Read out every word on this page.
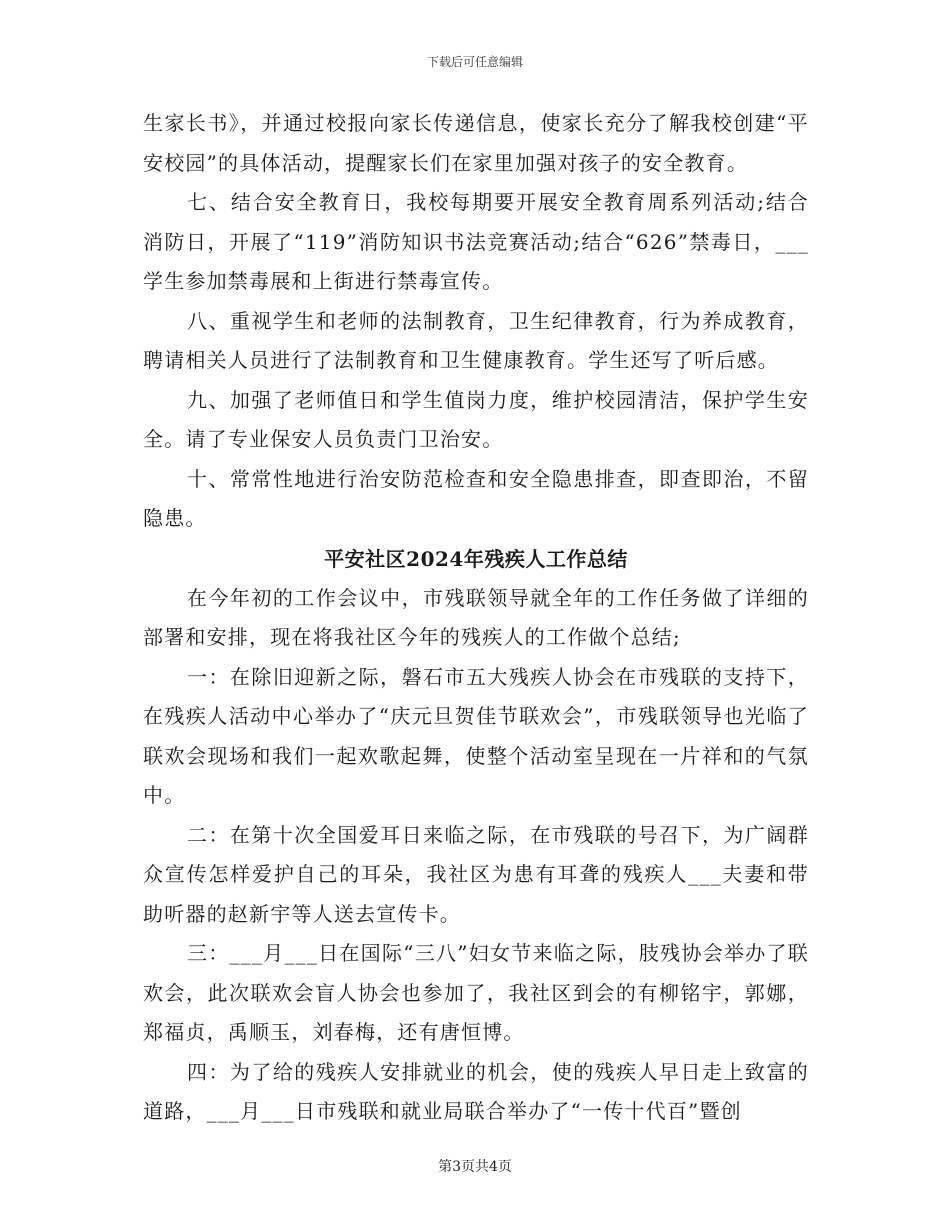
下载后可任意编辑

生家长书》，并通过校报向家长传递信息，使家长充分了解我校创建“平安校园”的具体活动，提醒家长们在家里加强对孩子的安全教育。

七、结合安全教育日，我校每期要开展安全教育周系列活动;结合消防日，开展了“119”消防知识书法竞赛活动;结合“626”禁毒日，___学生参加禁毒展和上街进行禁毒宣传。

八、重视学生和老师的法制教育，卫生纪律教育，行为养成教育，聘请相关人员进行了法制教育和卫生健康教育。学生还写了听后感。

九、加强了老师值日和学生值岗力度，维护校园清洁，保护学生安全。请了专业保安人员负责门卫治安。

十、常常性地进行治安防范检查和安全隐患排查，即查即治，不留隐患。

平安社区2024年残疾人工作总结

在今年初的工作会议中，市残联领导就全年的工作任务做了详细的部署和安排，现在将我社区今年的残疾人的工作做个总结;

一：在除旧迎新之际，磐石市五大残疾人协会在市残联的支持下，在残疾人活动中心举办了“庆元旦贺佳节联欢会”，市残联领导也光临了联欢会现场和我们一起欢歌起舞，使整个活动室呈现在一片祥和的气氛中。

二：在第十次全国爱耳日来临之际，在市残联的号召下，为广阔群众宣传怎样爱护自己的耳朵，我社区为患有耳聋的残疾人___夫妻和带助听器的赵新宇等人送去宣传卡。

三：___月___日在国际“三八”妇女节来临之际，肢残协会举办了联欢会，此次联欢会盲人协会也参加了，我社区到会的有柳铭宇，郭娜，郑福贞，禹顺玉，刘春梅，还有唐恒博。

四：为了给的残疾人安排就业的机会，使的残疾人早日走上致富的道路，___月___日市残联和就业局联合举办了“一传十代百”暨创

第3页共4页
